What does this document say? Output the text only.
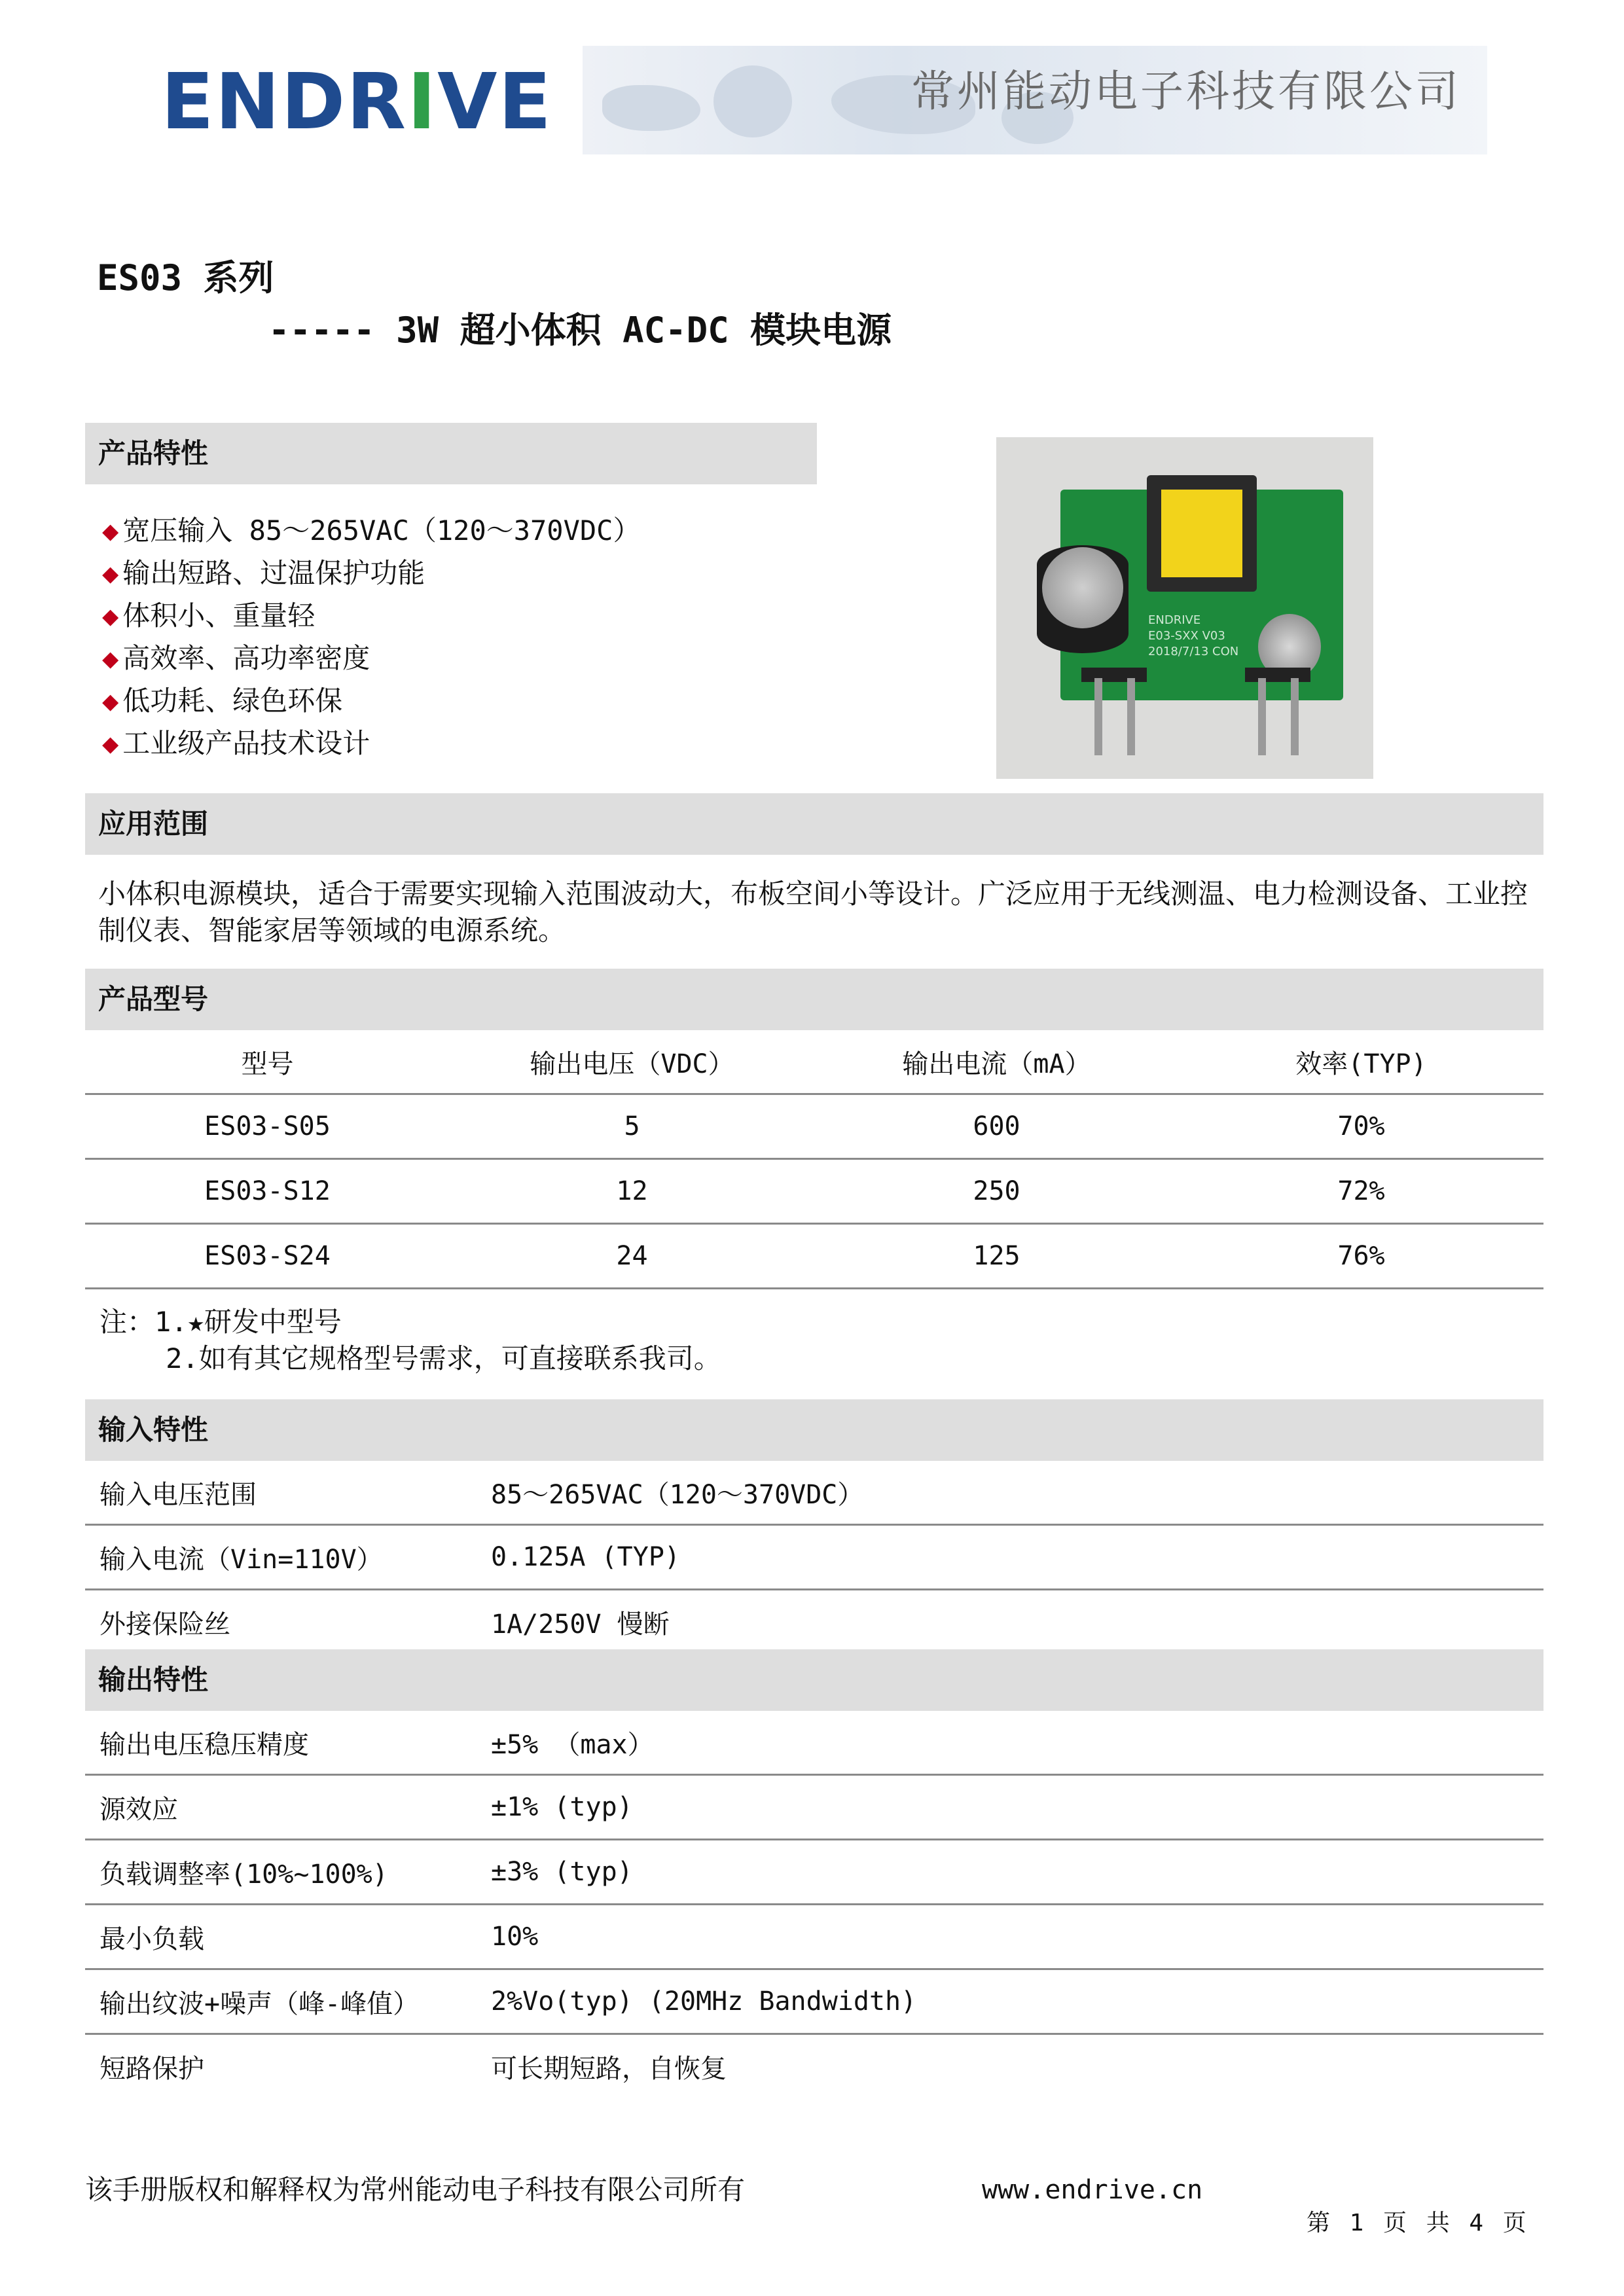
ENDRIVE	常州能动电子科技有限公司
ES03 系列
----- 3W 超小体积 AC-DC 模块电源
产品特性
◆ 宽压输入 85～265VAC（120～370VDC）
◆ 输出短路、过温保护功能
◆ 体积小、重量轻
◆ 高效率、高功率密度
◆ 低功耗、绿色环保
◆ 工业级产品技术设计
ENDRIVE
E03-SXX V03
2018/7/13 CON
应用范围
小体积电源模块，适合于需要实现输入范围波动大，布板空间小等设计。广泛应用于无线测温、电力检测设备、工业控制仪表、智能家居等领域的电源系统。
产品型号
型号	输出电压（VDC）	输出电流（mA）	效率(TYP)
ES03-S05	5	600	70%
ES03-S12	12	250	72%
ES03-S24	24	125	76%
注：1.★研发中型号
2.如有其它规格型号需求，可直接联系我司。
输入特性
输入电压范围	85～265VAC（120～370VDC）
输入电流（Vin=110V）	0.125A (TYP)
外接保险丝	1A/250V 慢断
输出特性
输出电压稳压精度	±5% （max）
源效应	±1% (typ)
负载调整率(10%~100%)	±3% (typ)
最小负载	10%
输出纹波+噪声（峰-峰值）	2%Vo(typ) (20MHz Bandwidth)
短路保护	可长期短路，自恢复
该手册版权和解释权为常州能动电子科技有限公司所有	www.endrive.cn
第 1 页 共 4 页
